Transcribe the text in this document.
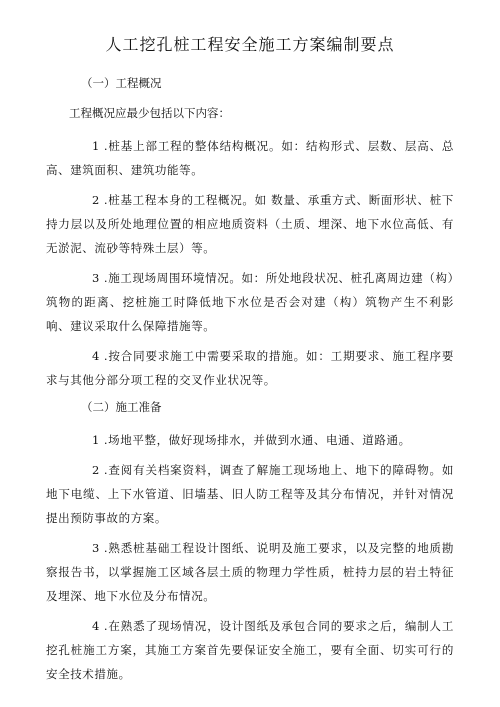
人工挖孔桩工程安全施工方案编制要点
（一）工程概况
工程概况应最少包括以下内容：

1 .桩基上部工程的整体结构概况。如：结构形式、层数、层高、总高、建筑面积、建筑功能等。

2 .桩基工程本身的工程概况。如 数量、承重方式、断面形状、桩下持力层以及所处地理位置的相应地质资料（土质、埋深、地下水位高低、有无淤泥、流砂等特殊土层）等。

3 .施工现场周围环境情况。如：所处地段状况、桩孔离周边建（构）筑物的距离、挖桩施工时降低地下水位是否会对建（构）筑物产生不利影响、建议采取什么保障措施等。

4 .按合同要求施工中需要采取的措施。如：工期要求、施工程序要求与其他分部分项工程的交叉作业状况等。

（二）施工准备

1 .场地平整，做好现场排水，并做到水通、电通、道路通。

2 .查阅有关档案资料，调查了解施工现场地上、地下的障碍物。如 地下电缆、上下水管道、旧墙基、旧人防工程等及其分布情况，并针对情况提出预防事故的方案。

3 .熟悉桩基础工程设计图纸、说明及施工要求，以及完整的地质勘察报告书，以掌握施工区域各层土质的物理力学性质，桩持力层的岩土特征及埋深、地下水位及分布情况。

4 .在熟悉了现场情况，设计图纸及承包合同的要求之后，编制人工挖孔桩施工方案，其施工方案首先要保证安全施工，要有全面、切实可行的安全技术措施。
